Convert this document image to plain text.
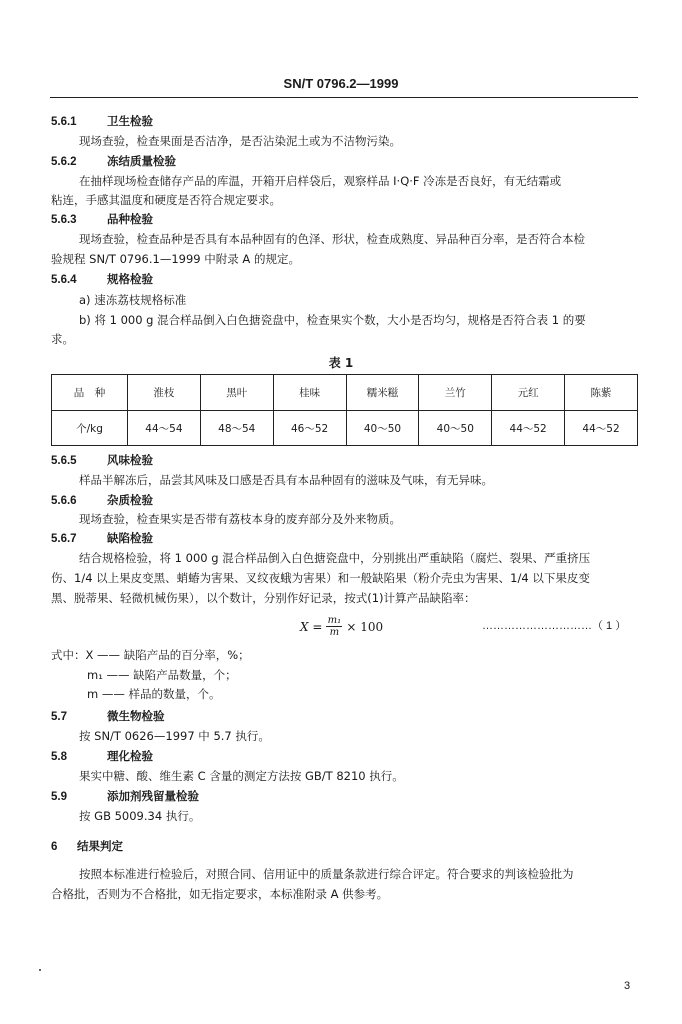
SN/T 0796.2—1999
5.6.1	卫生检验
现场查验，检查果面是否洁净，是否沾染泥土或为不洁物污染。
5.6.2	冻结质量检验
在抽样现场检查储存产品的库温，开箱开启样袋后，观察样品 I·Q·F 冷冻是否良好，有无结霜或
粘连，手感其温度和硬度是否符合规定要求。
5.6.3	品种检验
现场查验，检查品种是否具有本品种固有的色泽、形状，检查成熟度、异品种百分率，是否符合本检
验规程 SN/T 0796.1—1999 中附录 A 的规定。
5.6.4	规格检验
a) 速冻荔枝规格标准
b) 将 1 000 g 混合样品倒入白色搪瓷盘中，检查果实个数，大小是否均匀，规格是否符合表 1 的要
求。
表 1
品　种	淮枝	黑叶	桂味	糯米糍	兰竹	元红	陈紫
个/kg	44～54	48～54	46～52	40～50	40～50	44～52	44～52
5.6.5	风味检验
样品半解冻后，品尝其风味及口感是否具有本品种固有的滋味及气味，有无异味。
5.6.6	杂质检验
现场查验，检查果实是否带有荔枝本身的废弃部分及外来物质。
5.6.7	缺陷检验
结合规格检验，将 1 000 g 混合样品倒入白色搪瓷盘中，分别挑出严重缺陷（腐烂、裂果、严重挤压
伤、1/4 以上果皮变黑、蛸蝽为害果、叉纹夜蛾为害果）和一般缺陷果（粉介壳虫为害果、1/4 以下果皮变
黑、脱蒂果、轻微机械伤果），以个数计，分别作好记录，按式(1)计算产品缺陷率：
$X = \frac{\text{m₁}}{m} \times 100$	…………………………（ 1 ）
式中：X —— 缺陷产品的百分率，%；
m₁ —— 缺陷产品数量，个；
m —— 样品的数量，个。
5.7	微生物检验
按 SN/T 0626—1997 中 5.7 执行。
5.8	理化检验
果实中糖、酸、维生素 C 含量的测定方法按 GB/T 8210 执行。
5.9	添加剂残留量检验
按 GB 5009.34 执行。
6 结果判定
按照本标准进行检验后，对照合同、信用证中的质量条款进行综合评定。符合要求的判该检验批为
合格批，否则为不合格批，如无指定要求，本标准附录 A 供参考。
3
